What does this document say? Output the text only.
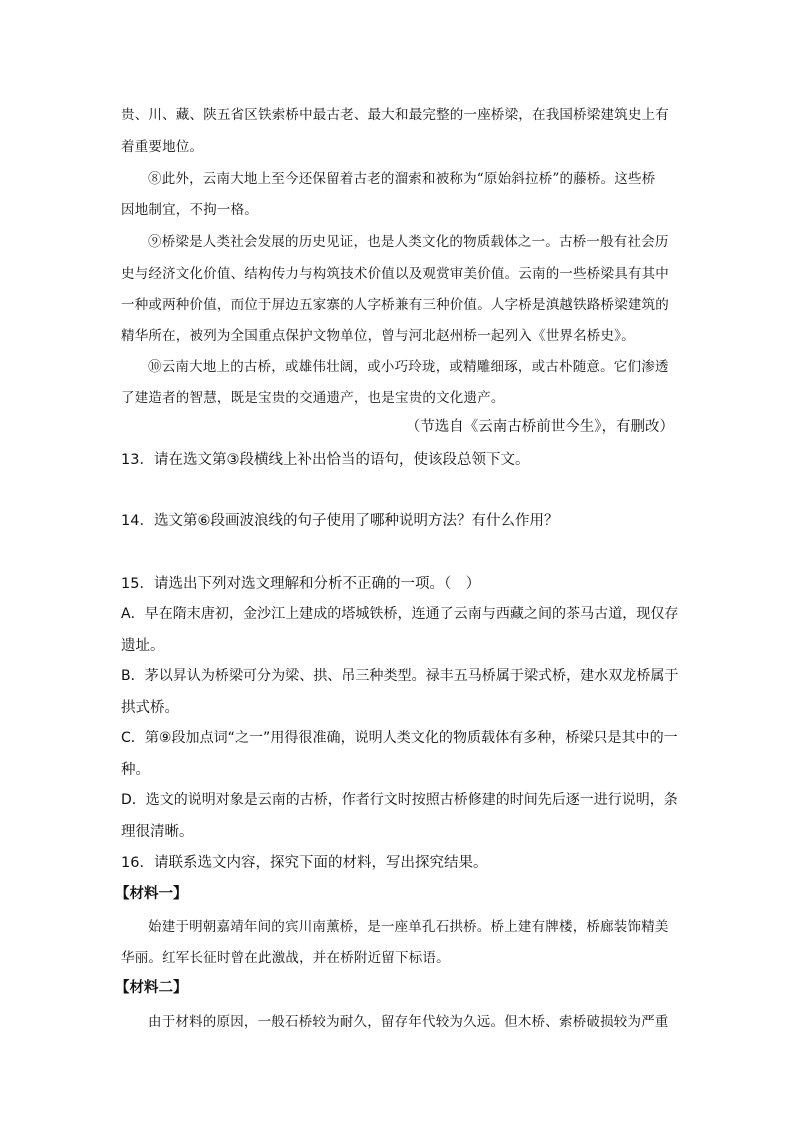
贵、川、藏、陕五省区铁索桥中最古老、最大和最完整的一座桥梁，在我国桥梁建筑史上有
着重要地位。
⑧此外，云南大地上至今还保留着古老的溜索和被称为“原始斜拉桥”的藤桥。这些桥
因地制宜，不拘一格。
⑨桥梁是人类社会发展的历史见证，也是人类文化的物质载体之一。古桥一般有社会历
史与经济文化价值、结构传力与构筑技术价值以及观赏审美价值。云南的一些桥梁具有其中
一种或两种价值，而位于屏边五家寨的人字桥兼有三种价值。人字桥是滇越铁路桥梁建筑的
精华所在，被列为全国重点保护文物单位，曾与河北赵州桥一起列入《世界名桥史》。
⑩云南大地上的古桥，或雄伟壮阔，或小巧玲珑，或精雕细琢，或古朴随意。它们渗透
了建造者的智慧，既是宝贵的交通遗产，也是宝贵的文化遗产。
（节选自《云南古桥前世今生》，有删改）
13．请在选文第③段横线上补出恰当的语句，使该段总领下文。
14．选文第⑥段画波浪线的句子使用了哪种说明方法？有什么作用？
15．请选出下列对选文理解和分析不正确的一项。（　）
A．早在隋末唐初，金沙江上建成的塔城铁桥，连通了云南与西藏之间的茶马古道，现仅存
遗址。
B．茅以昇认为桥梁可分为梁、拱、吊三种类型。禄丰五马桥属于梁式桥，建水双龙桥属于
拱式桥。
C．第⑨段加点词“之一”用得很准确，说明人类文化的物质载体有多种，桥梁只是其中的一
种。
D．选文的说明对象是云南的古桥，作者行文时按照古桥修建的时间先后逐一进行说明，条
理很清晰。
16．请联系选文内容，探究下面的材料，写出探究结果。
【材料一】
始建于明朝嘉靖年间的宾川南薰桥，是一座单孔石拱桥。桥上建有牌楼，桥廊装饰精美
华丽。红军长征时曾在此激战，并在桥附近留下标语。
【材料二】
由于材料的原因，一般石桥较为耐久，留存年代较为久远。但木桥、索桥破损较为严重
